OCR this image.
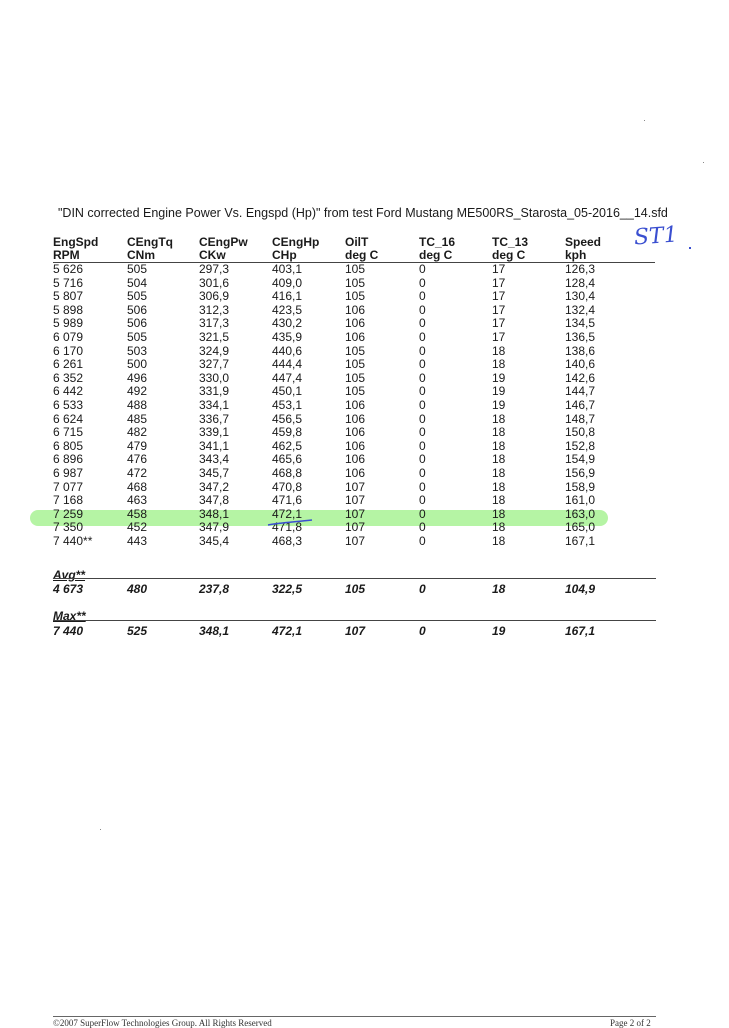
"DIN corrected Engine Power Vs. Engspd (Hp)" from test Ford Mustang ME500RS_Starosta_05-2016__14.sfd
ST1
EngSpd	CEngTq	CEngPw	CEngHp	OilT	TC_16	TC_13	Speed
RPM	CNm	CKw	CHp	deg C	deg C	deg C	kph
5 626	505	297,3	403,1	105	0	17	126,3
5 716	504	301,6	409,0	105	0	17	128,4
5 807	505	306,9	416,1	105	0	17	130,4
5 898	506	312,3	423,5	106	0	17	132,4
5 989	506	317,3	430,2	106	0	17	134,5
6 079	505	321,5	435,9	106	0	17	136,5
6 170	503	324,9	440,6	105	0	18	138,6
6 261	500	327,7	444,4	105	0	18	140,6
6 352	496	330,0	447,4	105	0	19	142,6
6 442	492	331,9	450,1	105	0	19	144,7
6 533	488	334,1	453,1	106	0	19	146,7
6 624	485	336,7	456,5	106	0	18	148,7
6 715	482	339,1	459,8	106	0	18	150,8
6 805	479	341,1	462,5	106	0	18	152,8
6 896	476	343,4	465,6	106	0	18	154,9
6 987	472	345,7	468,8	106	0	18	156,9
7 077	468	347,2	470,8	107	0	18	158,9
7 168	463	347,8	471,6	107	0	18	161,0
7 259	458	348,1	472,1	107	0	18	163,0
7 350	452	347,9	471,8	107	0	18	165,0
7 440**	443	345,4	468,3	107	0	18	167,1
Avg**
4 673	480	237,8	322,5	105	0	18	104,9
Max**
7 440	525	348,1	472,1	107	0	19	167,1
©2007 SuperFlow Technologies Group. All Rights Reserved	Page 2 of 2
